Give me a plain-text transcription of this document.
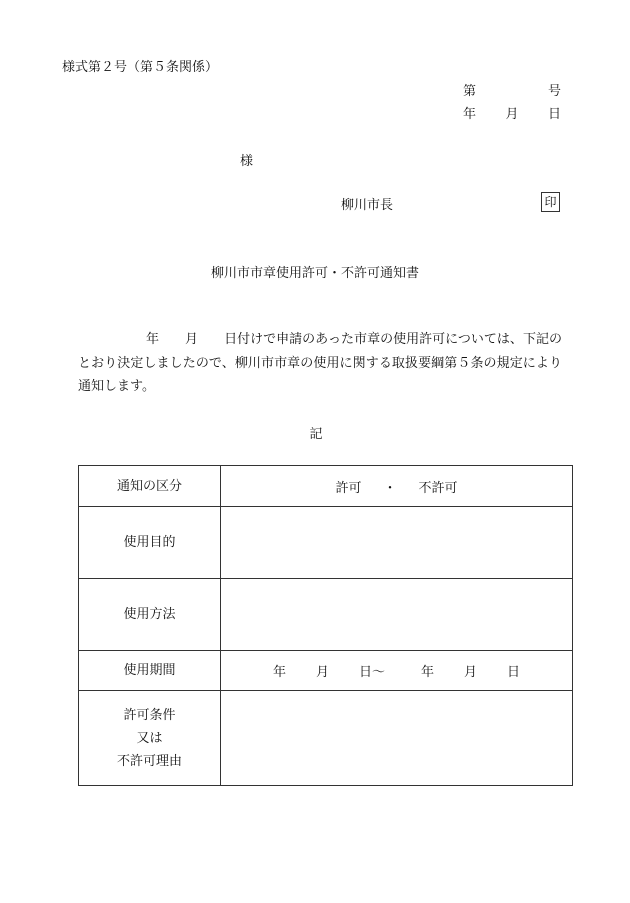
様式第２号（第５条関係）
第	号
年 月 日
様
柳川市長	印
柳川市市章使用許可・不許可通知書
年 月 日付けで申請のあった市章の使用許可については、下記のとおり決定しましたので、柳川市市章の使用に関する取扱要綱第５条の規定により通知します。
記
通知の区分	許可 ・ 不許可
使用目的	
使用方法	
使用期間	年 月 日〜 年 月 日

許可条件
又は
不許可理由	
